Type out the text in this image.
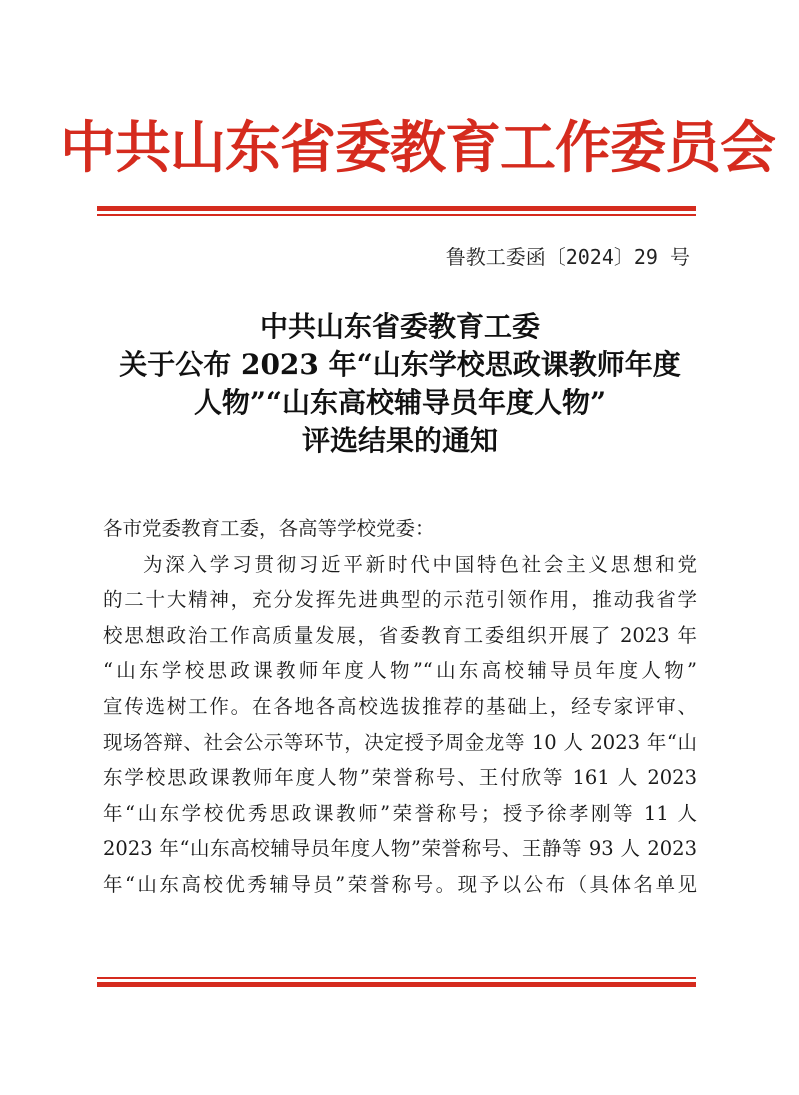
中共山东省委教育工作委员会
鲁教工委函〔2024〕29 号
中共山东省委教育工委
关于公布 2023 年“山东学校思政课教师年度
人物”“山东高校辅导员年度人物”
评选结果的通知
各市党委教育工委，各高等学校党委：
为深入学习贯彻习近平新时代中国特色社会主义思想和党
的二十大精神，充分发挥先进典型的示范引领作用，推动我省学
校思想政治工作高质量发展，省委教育工委组织开展了 2023 年
“山东学校思政课教师年度人物”“山东高校辅导员年度人物”
宣传选树工作。在各地各高校选拔推荐的基础上，经专家评审、
现场答辩、社会公示等环节，决定授予周金龙等 10 人 2023 年“山
东学校思政课教师年度人物”荣誉称号、王付欣等 161 人 2023
年“山东学校优秀思政课教师”荣誉称号；授予徐孝刚等 11 人
2023 年“山东高校辅导员年度人物”荣誉称号、王静等 93 人 2023
年“山东高校优秀辅导员”荣誉称号。现予以公布（具体名单见
